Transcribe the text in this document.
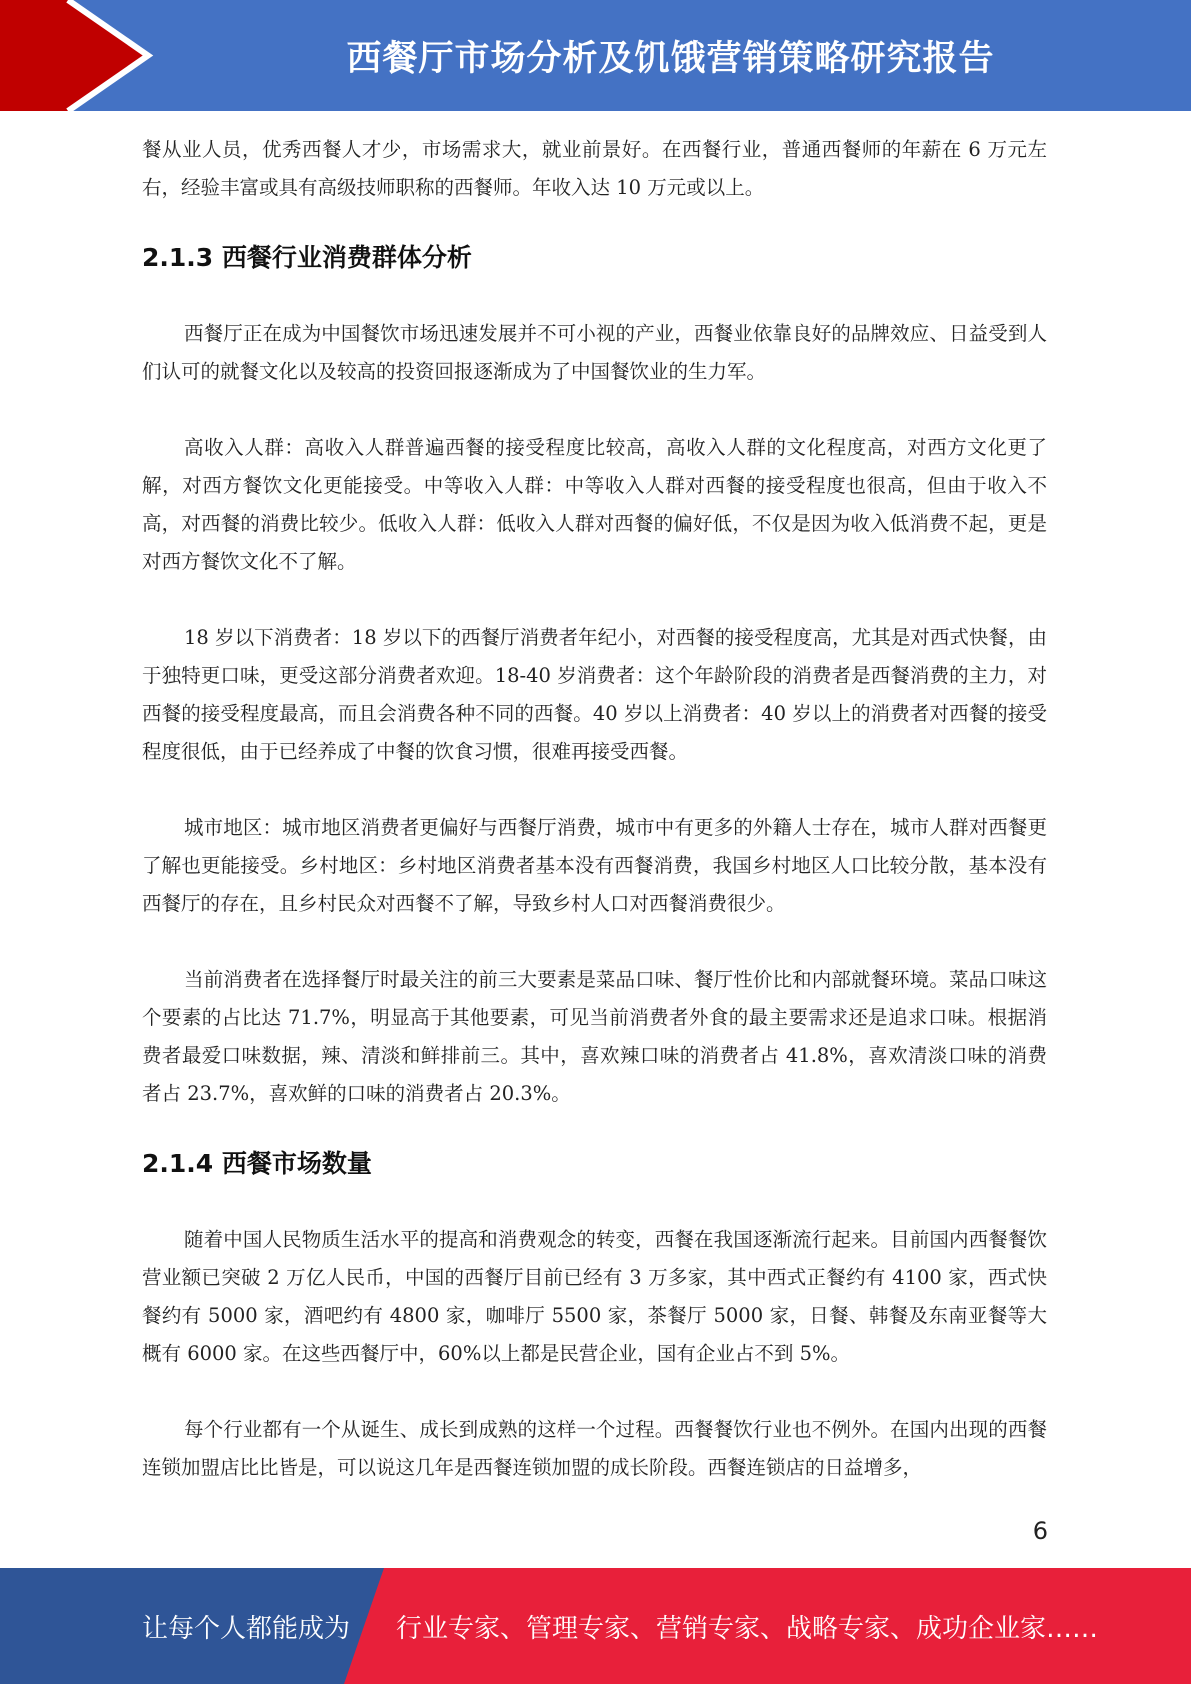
西餐厅市场分析及饥饿营销策略研究报告

餐从业人员，优秀西餐人才少，市场需求大，就业前景好。在西餐行业，普通西餐师的年薪在 6 万元左右，经验丰富或具有高级技师职称的西餐师。年收入达 10 万元或以上。

2.1.3 西餐行业消费群体分析

西餐厅正在成为中国餐饮市场迅速发展并不可小视的产业，西餐业依靠良好的品牌效应、日益受到人们认可的就餐文化以及较高的投资回报逐渐成为了中国餐饮业的生力军。

高收入人群：高收入人群普遍西餐的接受程度比较高，高收入人群的文化程度高，对西方文化更了解，对西方餐饮文化更能接受。中等收入人群：中等收入人群对西餐的接受程度也很高，但由于收入不高，对西餐的消费比较少。低收入人群：低收入人群对西餐的偏好低，不仅是因为收入低消费不起，更是对西方餐饮文化不了解。

18 岁以下消费者：18 岁以下的西餐厅消费者年纪小，对西餐的接受程度高，尤其是对西式快餐，由于独特更口味，更受这部分消费者欢迎。18-40 岁消费者：这个年龄阶段的消费者是西餐消费的主力，对西餐的接受程度最高，而且会消费各种不同的西餐。40 岁以上消费者：40 岁以上的消费者对西餐的接受程度很低，由于已经养成了中餐的饮食习惯，很难再接受西餐。

城市地区：城市地区消费者更偏好与西餐厅消费，城市中有更多的外籍人士存在，城市人群对西餐更了解也更能接受。乡村地区：乡村地区消费者基本没有西餐消费，我国乡村地区人口比较分散，基本没有西餐厅的存在，且乡村民众对西餐不了解，导致乡村人口对西餐消费很少。

当前消费者在选择餐厅时最关注的前三大要素是菜品口味、餐厅性价比和内部就餐环境。菜品口味这个要素的占比达 71.7%，明显高于其他要素，可见当前消费者外食的最主要需求还是追求口味。根据消费者最爱口味数据，辣、清淡和鲜排前三。其中，喜欢辣口味的消费者占 41.8%，喜欢清淡口味的消费者占 23.7%，喜欢鲜的口味的消费者占 20.3%。

2.1.4 西餐市场数量

随着中国人民物质生活水平的提高和消费观念的转变，西餐在我国逐渐流行起来。目前国内西餐餐饮营业额已突破 2 万亿人民币，中国的西餐厅目前已经有 3 万多家，其中西式正餐约有 4100 家，西式快餐约有 5000 家，酒吧约有 4800 家，咖啡厅 5500 家，茶餐厅 5000 家，日餐、韩餐及东南亚餐等大概有 6000 家。在这些西餐厅中，60%以上都是民营企业，国有企业占不到 5%。

每个行业都有一个从诞生、成长到成熟的这样一个过程。西餐餐饮行业也不例外。在国内出现的西餐连锁加盟店比比皆是，可以说这几年是西餐连锁加盟的成长阶段。西餐连锁店的日益增多，

6
让每个人都能成为 行业专家、管理专家、营销专家、战略专家、成功企业家……
